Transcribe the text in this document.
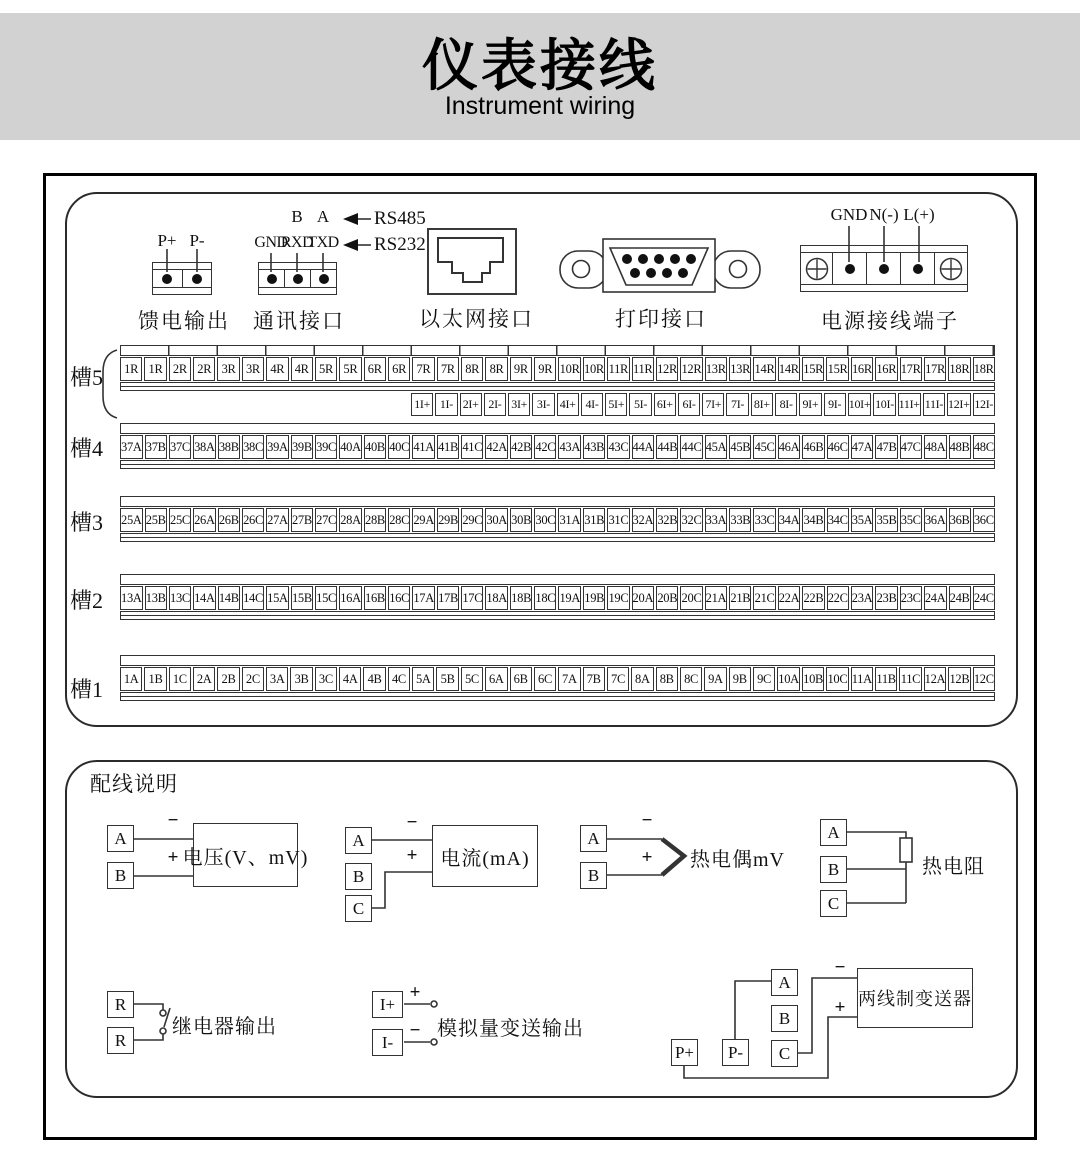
仪表接线
Instrument wiring
P+ P-
馈电输出
B A RS485
GND
RXD
TXD RS232
通讯接口	以太网接口	打印接口
GND N(-) L(+)
电源接线端子
槽5	1R 1R 2R 2R 3R 3R 4R 4R 5R 5R 6R 6R 7R 7R 8R 8R 9R 9R 10R 10R 11R 11R 12R 12R 13R 13R 14R 14R 15R 15R 16R 16R 17R 17R 18R 18R
1I+ 1I- 2I+ 2I- 3I+ 3I- 4I+ 4I- 5I+ 5I- 6I+ 6I- 7I+ 7I- 8I+ 8I- 9I+ 9I- 10I+ 10I- 11I+ 11I- 12I+ 12I-
槽4	37A 37B 37C 38A 38B 38C 39A 39B 39C 40A 40B 40C 41A 41B 41C 42A 42B 42C 43A 43B 43C 44A 44B 44C 45A 45B 45C 46A 46B 46C 47A 47B 47C 48A 48B 48C
槽3	25A 25B 25C 26A 26B 26C 27A 27B 27C 28A 28B 28C 29A 29B 29C 30A 30B 30C 31A 31B 31C 32A 32B 32C 33A 33B 33C 34A 34B 34C 35A 35B 35C 36A 36B 36C
槽2	13A 13B 13C 14A 14B 14C 15A 15B 15C 16A 16B 16C 17A 17B 17C 18A 18B 18C 19A 19B 19C 20A 20B 20C 21A 21B 21C 22A 22B 22C 23A 23B 23C 24A 24B 24C
槽1	1A 1B 1C 2A 2B 2C 3A 3B 3C 4A 4B 4C 5A 5B 5C 6A 6B 6C 7A 7B 7C 8A 8B 8C 9A 9B 9C 10A 10B 10C 11A 11B 11C 12A 12B 12C
配线说明
A
B
−
+ 电压(V、mV)
A
B
C
−
+	电流(mA)
A
B
−
+ 热电偶mV
A
B
C
热电阻
R
R
继电器输出
I+
I-
+
− 模拟量变送输出
A
B
C
P+	P-
−
+ 两线制变送器
